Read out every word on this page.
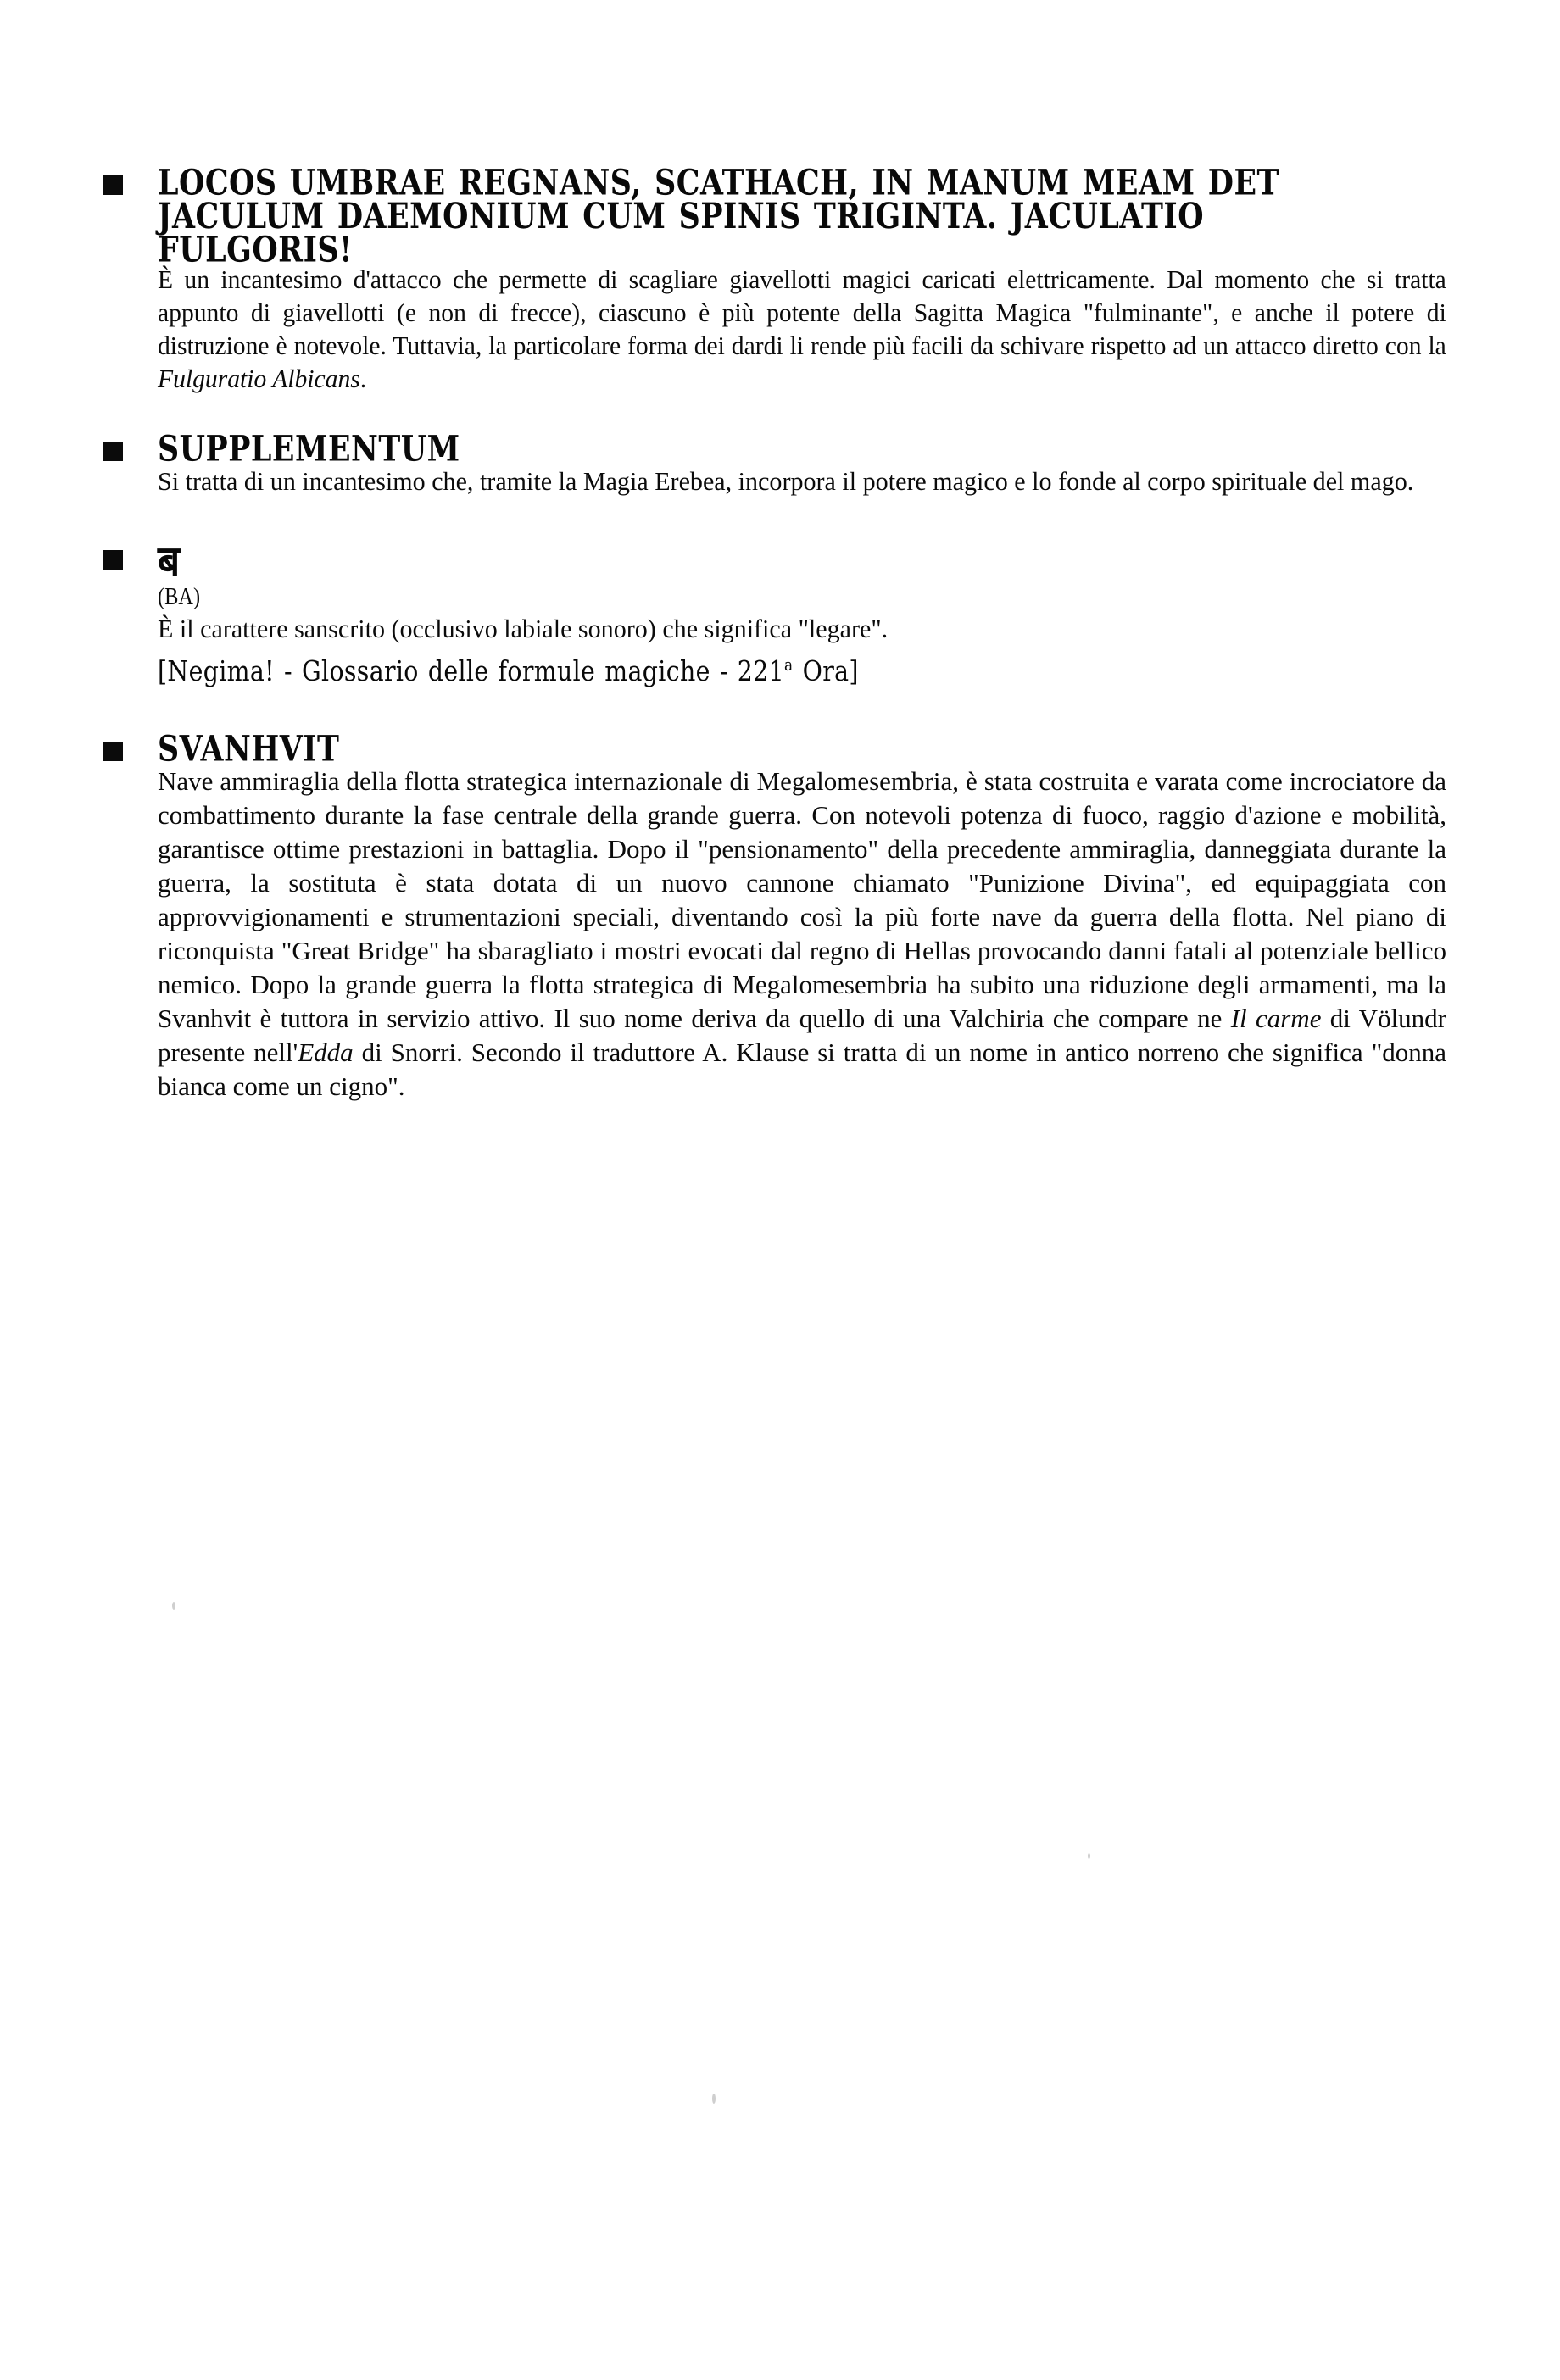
LOCOS UMBRAE REGNANS, SCATHACH, IN MANUM MEAM DET
JACULUM DAEMONIUM CUM SPINIS TRIGINTA. JACULATIO
FULGORIS!

È un incantesimo d'attacco che permette di scagliare giavellotti magici caricati elettricamente. Dal momento che si tratta appunto di giavellotti (e non di frecce), ciascuno è più potente della Sagitta Magica "fulminante", e anche il potere di distruzione è notevole. Tuttavia, la particolare forma dei dardi li rende più facili da schivare rispetto ad un attacco diretto con la Fulguratio Albicans.

SUPPLEMENTUM

Si tratta di un incantesimo che, tramite la Magia Erebea, incorpora il potere magico e lo fonde al corpo spirituale del mago.

ब

(BA)

È il carattere sanscrito (occlusivo labiale sonoro) che significa "legare".

[Negima! - Glossario delle formule magiche - 221$^a$ Ora]

SVANHVIT

Nave ammiraglia della flotta strategica internazionale di Megalomesembria, è stata costruita e varata come incrociatore da combattimento durante la fase centrale della grande guerra. Con notevoli potenza di fuoco, raggio d'azione e mobilità, garantisce ottime prestazioni in battaglia. Dopo il "pensionamento" della precedente ammiraglia, danneggiata durante la guerra, la sostituta è stata dotata di un nuovo cannone chiamato "Punizione Divina", ed equipaggiata con approvvigionamenti e strumentazioni speciali, diventando così la più forte nave da guerra della flotta. Nel piano di riconquista "Great Bridge" ha sbaragliato i mostri evocati dal regno di Hellas provocando danni fatali al potenziale bellico nemico. Dopo la grande guerra la flotta strategica di Megalomesembria ha subito una riduzione degli armamenti, ma la Svanhvit è tuttora in servizio attivo. Il suo nome deriva da quello di una Valchiria che compare ne Il carme di Völundr presente nell'Edda di Snorri. Secondo il traduttore A. Klause si tratta di un nome in antico norreno che significa "donna bianca come un cigno".
